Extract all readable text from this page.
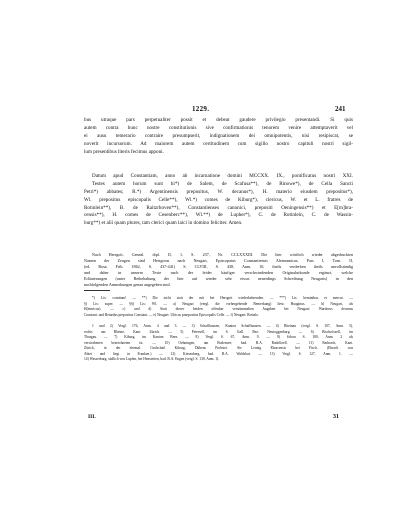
1229.	241
bus utraque pars perpetualiter possit et debeat gaudere privilegio presentandi. Si quis
autem contra hunc nostre constitutionis sive confirmationis tenorem venire attemptaverit vel
ei ausu temerario contraire presumpserit, indignationem dei omnipotentis, nisi resipiscat, se
noverit incursorum. Ad maiorem autem certitudinem cum sigillo nostro capituli nostri sigil-
lum presentibus literis fecimus apponi.
Datum apud Constantiam, anno ab incarnatione domini MCCXX. IX., pontificatus nostri XXI.
Testes autem horum sunt hi*) de Salem, de Scafusa**), de Rinowe*), de Cella Sancti
Petri*) abbates; R.*) Argentinensis prepositus, W. decanus*), H. materio eiusdem prepositus*),
Wl. prepositus episcopalis Celle**), Wl.*) comes de Kiburg*), clericus, W. et L. fratres de
Rotinlein**), B. de Raitzrhoven**), Constantienses canonici, prepositi Oeningensis**) et E[m]bra-
censis**), H. comes de Cesenberc**), Wl.**) de Lupher*), C. de Rotinlein, C. de Wassin-
burg**) et alii quam plures, tam clerici quam laici in domino feliciter. Amen.
Nach Herrgott, Geneal. dipl. II, 1, S. 237, Nr. CCLXXXIII. Die hier wörtlich wieder abgedruckten
Namen der Zeugen sind Herigotus nach Neugart, Episcopatus Constantiensis Alemannicus, Pars I, Tom. II,
(ed. Rosa, Frib. 1862, S. 437-441) S. CLVIII, S. 438, Anm. 10, theils verderben theils unvollständig
und daher in unserm Texte nach der leider häufiger verschwindenden Originalurkunde ergänzt, welche
Erläuterungen (unter Beibehaltung der hier auf wieder sehr etwas neuerdings Schreibung Neugarts) in den
nachfolgenden Anmerkungen genau angegeben sind.
*) Lis: comitum! — **) Die nicht statt der mit bei Herrgott wiederkehrenden. — ***) Lis: heminibus et mercat. —
§) Lis: super. — §§) Lis: Wl. — a) Neugart (vergl. die vorhergehende Bemerkung) liest: Huaginus. — b) Neugart, als
H(einricus). — c) und d) Statt dieser beiden offenbar verstümmelten Angaben bei Neugart: Wardorus decanus
Constant. und Retardus prepositus Constant. — e) Neugart: Ulricus praepositus Episcopalis Celle. — f) Neugart: Rotinlo.
1 und 2) Vergl. 176, Anm. 4 und 3. — 3) Schaffhausen, Kanton Schaffhausen. — 4) Rheinau (vergl. S. 107, Anm. 5),
rechts am Rheine, Kant. Zürich. — 5) Petersell, im S. Gall. Bez. Neutoggenburg. — 6) Bischofszell, im
Thurgau. — 7) Kiburg, im Kanton Bern. — 8) Vergl. S. 67, Anm. 9. — 9) Schon S. 180, Anm. 2 als
verstorbenen bezeichneten ist. — 10) Oehningen, am Bodensee, bad. B.A. Radolfzell. — 11) Embrach, Kant.
Zürich, in der ehemal. Grafschaft Kiburg, Dübens Probstei. Sie Leonig Ebracensis bei Fisch. (Ebrach war
Abtei und liegt in Franken.) — 12) Kiesenberg, bad. B.A. Waldshut. — 13) Vergl. S. 127, Anm. 1. —
14) Wasserburg, südlich von Lupfen, bei Henstetten, bad. B.A. Engen (vergl. S. 130, Anm. 1).
III.	31
